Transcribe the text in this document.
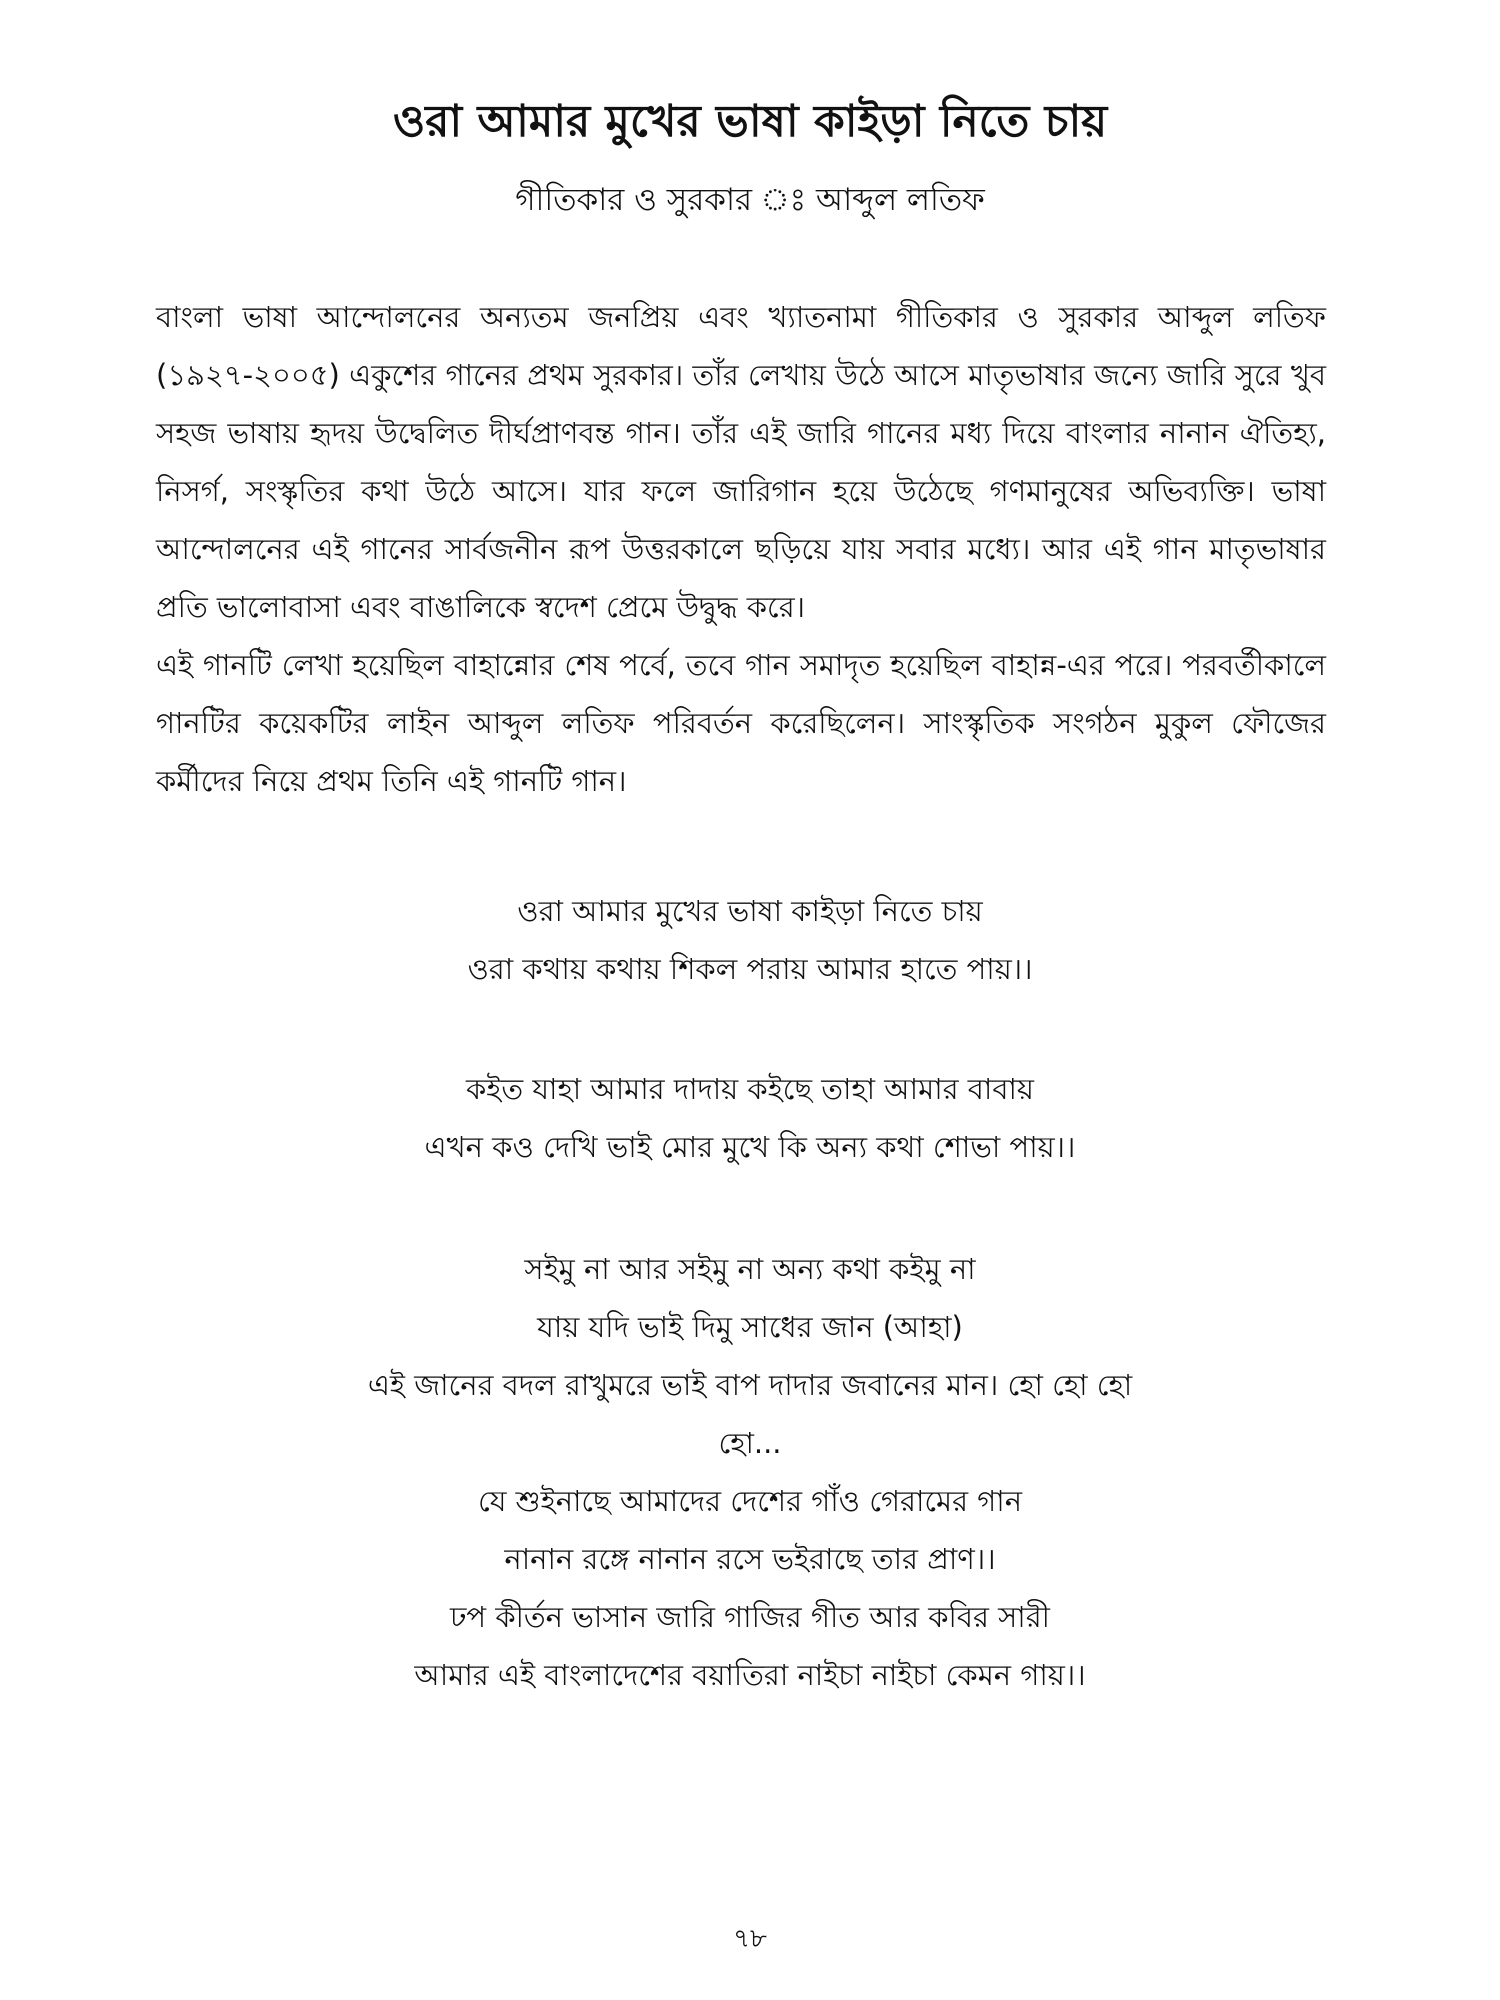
ওরা আমার মুখের ভাষা কাইড়া নিতে চায়
গীতিকার ও সুরকার ঃ আব্দুল লতিফ

বাংলা ভাষা আন্দোলনের অন্যতম জনপ্রিয় এবং খ্যাতনামা গীতিকার ও সুরকার আব্দুল লতিফ (১৯২৭-২০০৫) একুশের গানের প্রথম সুরকার। তাঁর লেখায় উঠে আসে মাতৃভাষার জন্যে জারি সুরে খুব সহজ ভাষায় হৃদয় উদ্বেলিত দীর্ঘপ্রাণবন্ত গান। তাঁর এই জারি গানের মধ্য দিয়ে বাংলার নানান ঐতিহ্য, নিসর্গ, সংস্কৃতির কথা উঠে আসে। যার ফলে জারিগান হয়ে উঠেছে গণমানুষের অভিব্যক্তি। ভাষা আন্দোলনের এই গানের সার্বজনীন রূপ উত্তরকালে ছড়িয়ে যায় সবার মধ্যে। আর এই গান মাতৃভাষার প্রতি ভালোবাসা এবং বাঙালিকে স্বদেশ প্রেমে উদ্বুদ্ধ করে।

এই গানটি লেখা হয়েছিল বাহান্নোর শেষ পর্বে, তবে গান সমাদৃত হয়েছিল বাহান্ন-এর পরে। পরবর্তীকালে গানটির কয়েকটির লাইন আব্দুল লতিফ পরিবর্তন করেছিলেন। সাংস্কৃতিক সংগঠন মুকুল ফৌজের কর্মীদের নিয়ে প্রথম তিনি এই গানটি গান।

ওরা আমার মুখের ভাষা কাইড়া নিতে চায়
ওরা কথায় কথায় শিকল পরায় আমার হাতে পায়।।
কইত যাহা আমার দাদায় কইছে তাহা আমার বাবায়
এখন কও দেখি ভাই মোর মুখে কি অন্য কথা শোভা পায়।।
সইমু না আর সইমু না অন্য কথা কইমু না
যায় যদি ভাই দিমু সাধের জান (আহা)
এই জানের বদল রাখুমরে ভাই বাপ দাদার জবানের মান। হো হো হো
হো...
যে শুইনাছে আমাদের দেশের গাঁও গেরামের গান
নানান রঙ্গে নানান রসে ভইরাছে তার প্রাণ।।
ঢপ কীর্তন ভাসান জারি গাজির গীত আর কবির সারী
আমার এই বাংলাদেশের বয়াতিরা নাইচা নাইচা কেমন গায়।।
৭৮
